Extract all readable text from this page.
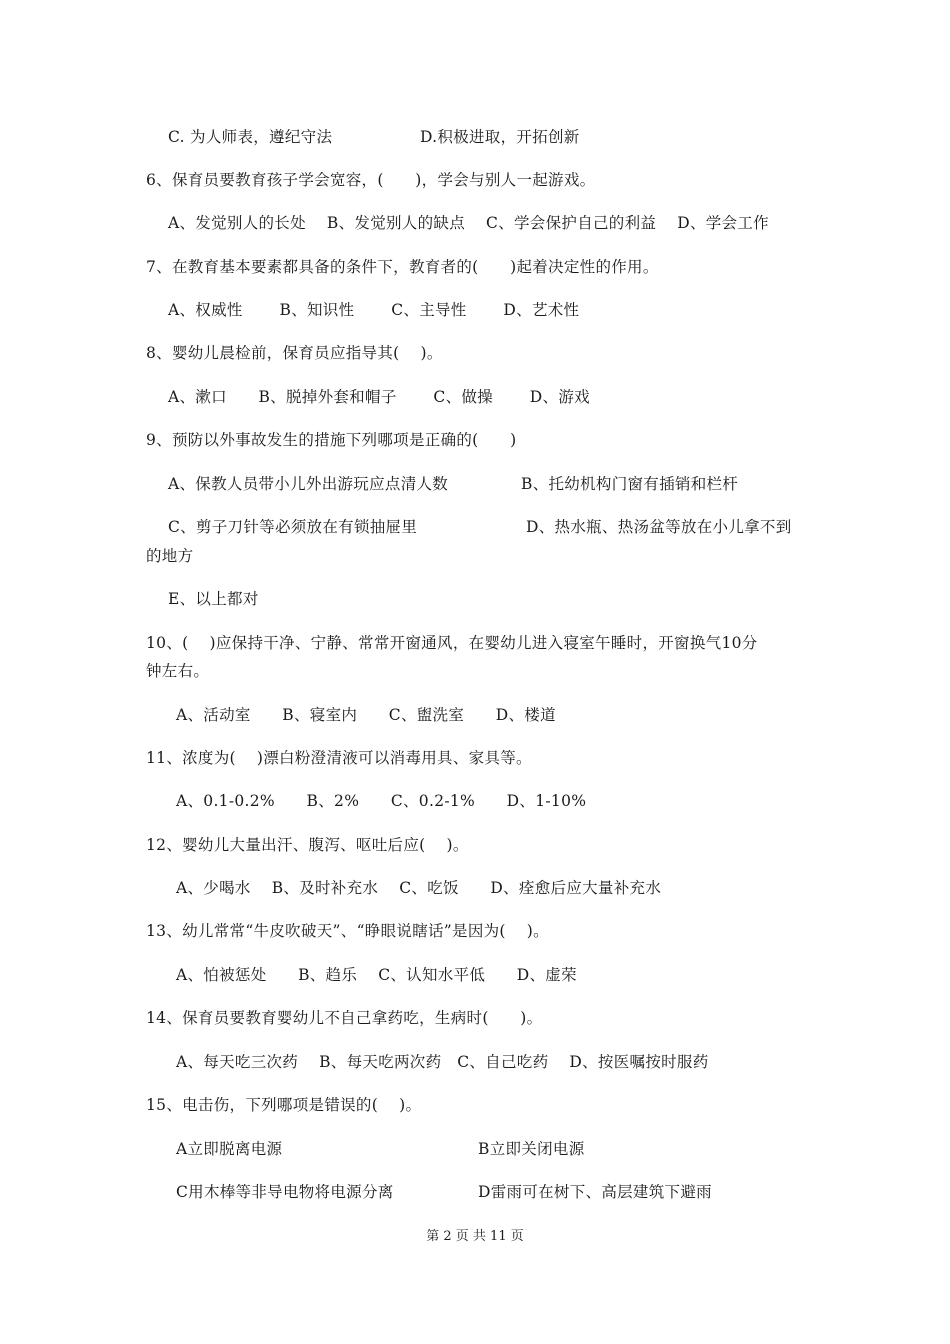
C. 为人师表，遵纪守法	D.积极进取，开拓创新
6、保育员要教育孩子学会宽容，(　　)，学会与别人一起游戏。
A、发觉别人的长处　 B、发觉别人的缺点　 C、学会保护自己的利益　 D、学会工作
7、在教育基本要素都具备的条件下，教育者的(　　)起着决定性的作用。
A、权威性　　 B、知识性　　 C、主导性　　 D、艺术性
8、婴幼儿晨检前，保育员应指导其(　 )。
A、漱口　　B、脱掉外套和帽子　　 C、做操　　 D、游戏
9、预防以外事故发生的措施下列哪项是正确的(　　)
A、保教人员带小儿外出游玩应点清人数	B、托幼机构门窗有插销和栏杆
C、剪子刀针等必须放在有锁抽屉里	D、热水瓶、热汤盆等放在小儿拿不到
的地方
E、以上都对
10、(　 )应保持干净、宁静、常常开窗通风，在婴幼儿进入寝室午睡时，开窗换气10分
钟左右。
A、活动室　　B、寝室内　　C、盥洗室　　D、楼道
11、浓度为(　 )漂白粉澄清液可以消毒用具、家具等。
A、0.1-0.2%　　B、2%　　C、0.2-1%　　D、1-10%
12、婴幼儿大量出汗、腹泻、呕吐后应(　 )。
A、少喝水　 B、及时补充水　 C、吃饭　　D、痊愈后应大量补充水
13、幼儿常常“牛皮吹破天”、“睁眼说瞎话”是因为(　 )。
A、怕被惩处　　B、趋乐　 C、认知水平低　　D、虚荣
14、保育员要教育婴幼儿不自己拿药吃，生病时(　　)。
A、每天吃三次药　 B、每天吃两次药　C、自己吃药　 D、按医嘱按时服药
15、电击伤，下列哪项是错误的(　 )。
A立即脱离电源	B立即关闭电源
C用木棒等非导电物将电源分离	D雷雨可在树下、高层建筑下避雨
第 2 页 共 11 页
